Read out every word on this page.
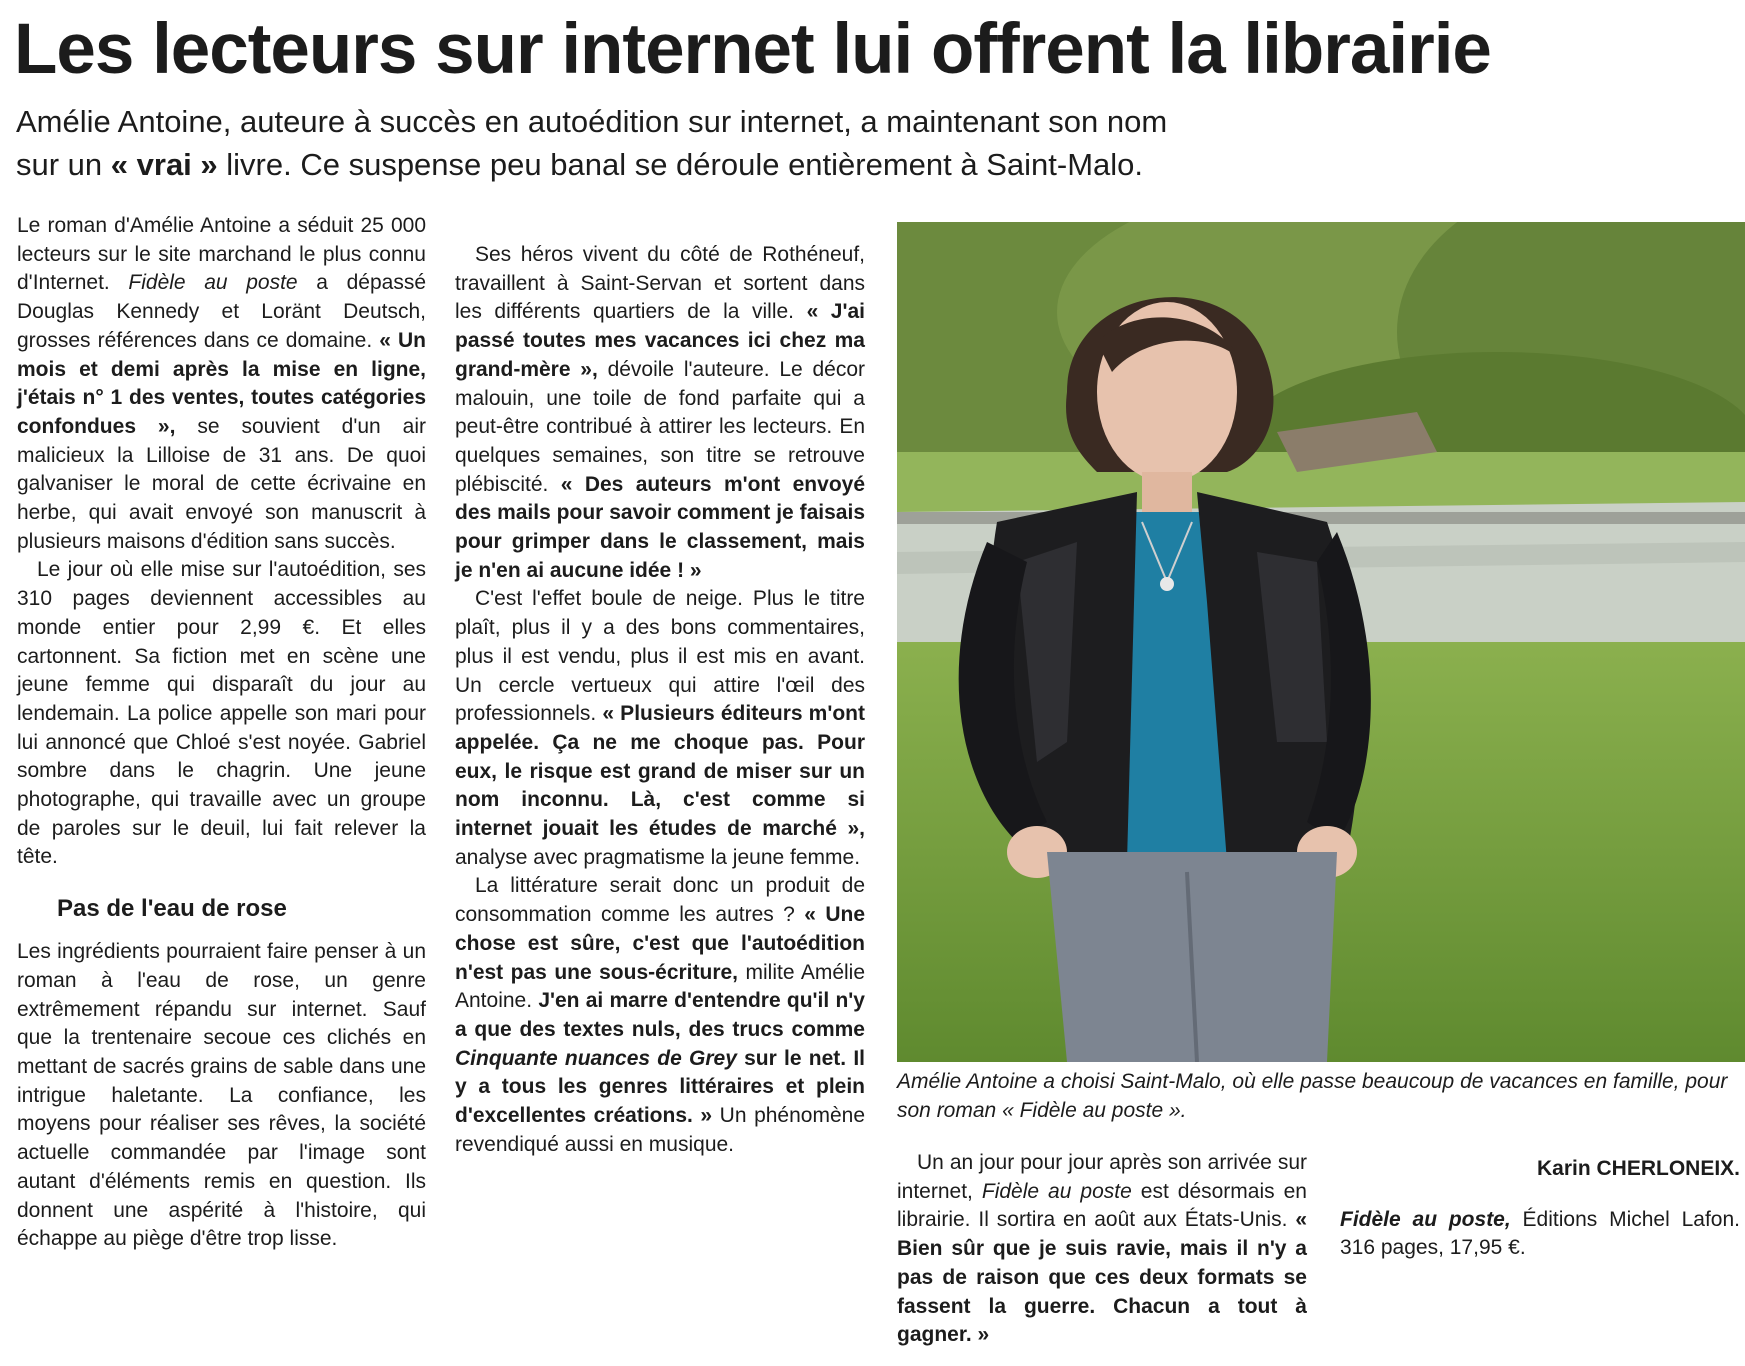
Les lecteurs sur internet lui offrent la librairie

Amélie Antoine, auteure à succès en autoédition sur internet, a maintenant son nom
sur un « vrai » livre. Ce suspense peu banal se déroule entièrement à Saint-Malo.

Le roman d'Amélie Antoine a séduit 25 000 lecteurs sur le site marchand le plus connu d'Internet. Fidèle au poste a dépassé Douglas Kennedy et Loränt Deutsch, grosses références dans ce domaine. « Un mois et demi après la mise en ligne, j'étais n° 1 des ventes, toutes catégories confondues », se souvient d'un air malicieux la Lilloise de 31 ans. De quoi galvaniser le moral de cette écrivaine en herbe, qui avait envoyé son manuscrit à plusieurs maisons d'édition sans succès.

Le jour où elle mise sur l'autoédition, ses 310 pages deviennent accessibles au monde entier pour 2,99 €. Et elles cartonnent. Sa fiction met en scène une jeune femme qui disparaît du jour au lendemain. La police appelle son mari pour lui annoncé que Chloé s'est noyée. Gabriel sombre dans le chagrin. Une jeune photographe, qui travaille avec un groupe de paroles sur le deuil, lui fait relever la tête.

Pas de l'eau de rose

Les ingrédients pourraient faire penser à un roman à l'eau de rose, un genre extrêmement répandu sur internet. Sauf que la trentenaire secoue ces clichés en mettant de sacrés grains de sable dans une intrigue haletante. La confiance, les moyens pour réaliser ses rêves, la société actuelle commandée par l'image sont autant d'éléments remis en question. Ils donnent une aspérité à l'histoire, qui échappe au piège d'être trop lisse.

Ses héros vivent du côté de Rothéneuf, travaillent à Saint-Servan et sortent dans les différents quartiers de la ville. « J'ai passé toutes mes vacances ici chez ma grand-mère », dévoile l'auteure. Le décor malouin, une toile de fond parfaite qui a peut-être contribué à attirer les lecteurs. En quelques semaines, son titre se retrouve plébiscité. « Des auteurs m'ont envoyé des mails pour savoir comment je faisais pour grimper dans le classement, mais je n'en ai aucune idée ! »

C'est l'effet boule de neige. Plus le titre plaît, plus il y a des bons commentaires, plus il est vendu, plus il est mis en avant. Un cercle vertueux qui attire l'œil des professionnels. « Plusieurs éditeurs m'ont appelée. Ça ne me choque pas. Pour eux, le risque est grand de miser sur un nom inconnu. Là, c'est comme si internet jouait les études de marché », analyse avec pragmatisme la jeune femme.

La littérature serait donc un produit de consommation comme les autres ? « Une chose est sûre, c'est que l'autoédition n'est pas une sous-écriture, milite Amélie Antoine. J'en ai marre d'entendre qu'il n'y a que des textes nuls, des trucs comme Cinquante nuances de Grey sur le net. Il y a tous les genres littéraires et plein d'excellentes créations. » Un phénomène revendiqué aussi en musique.

Amélie Antoine a choisi Saint-Malo, où elle passe beaucoup de vacances en famille, pour son roman « Fidèle au poste ».

Un an jour pour jour après son arrivée sur internet, Fidèle au poste est désormais en librairie. Il sortira en août aux États-Unis. « Bien sûr que je suis ravie, mais il n'y a pas de raison que ces deux formats se fassent la guerre. Chacun a tout à gagner. »

Karin CHERLONEIX.

Fidèle au poste, Éditions Michel Lafon. 316 pages, 17,95 €.
